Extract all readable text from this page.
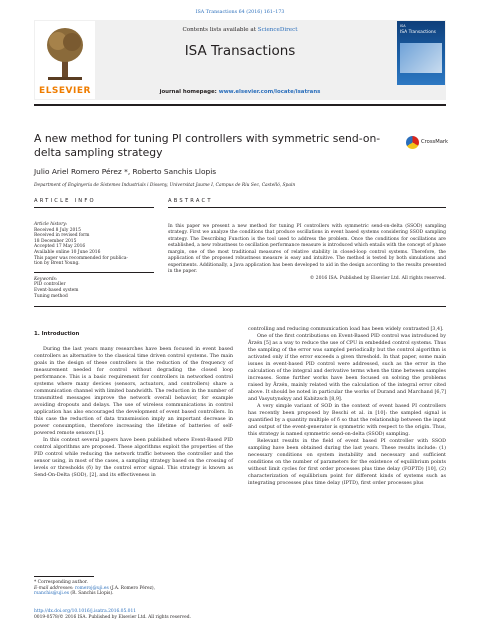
ISA Transactions 64 (2016) 161–173
ELSEVIER
Contents lists available at ScienceDirect
ISA Transactions
journal homepage: www.elsevier.com/locate/isatrans
ISA
ISA Transactions
A new method for tuning PI controllers with symmetric send-on-delta sampling strategy
CrossMark
Julio Ariel Romero Pérez *, Roberto Sanchis Llopis
Department of Enginyeria de Sistemes Industrials i Disseny, Universitat Jaume I, Campus de Riu Sec, Castelló, Spain
ARTICLE INFO	ABSTRACT
Article history:
Received 8 July 2015
Received in revised form
18 December 2015
Accepted 17 May 2016
Available online 10 June 2016
This paper was recommended for publica-
tion by Brent Young.
Keywords:
PID controller
Event-based system
Tuning method
In this paper we present a new method for tuning PI controllers with symmetric send-on-delta (SSOD) sampling strategy. First we analyze the conditions that produce oscillations in event based systems considering SSOD sampling strategy. The Describing Function is the tool used to address the problem. Once the conditions for oscillations are established, a new robustness to oscillation performance measure is introduced which entails with the concept of phase margin, one of the most traditional measures of relative stability in closed-loop control systems. Therefore, the application of the proposed robustness measure is easy and intuitive. The method is tested by both simulations and experiments. Additionally, a Java application has been developed to aid in the design according to the results presented in the paper.
© 2016 ISA. Published by Elsevier Ltd. All rights reserved.
1. Introduction

During the last years many researches have been focused in event based controllers as alternative to the classical time driven control systems. The main goals in the design of these controllers is the reduction of the frequency of measurement needed for control without degrading the closed loop performance. This is a basic requirement for controllers in networked control systems where many devices (sensors, actuators, and controllers) share a communication channel with limited bandwidth. The reduction in the number of transmitted messages improve the network overall behavior, for example avoiding dropouts and delays. The use of wireless communications in control application has also encouraged the development of event based controllers. In this case the reduction of data transmission imply an important decrease in power consumption, therefore increasing the lifetime of batteries of self-powered remote sensors [1].

In this context several papers have been published where Event-Based PID control algorithms are proposed. These algorithms exploit the properties of the PID control while reducing the network traffic between the controller and the sensor using, in most of the cases, a sampling strategy based on the crossing of levels or thresholds (δ) by the control error signal. This strategy is known as Send-On-Delta (SOD), [2], and its effectiveness in

controlling and reducing communication load has been widely contrasted [3,4].

One of the first contributions on Event-Based PID control was introduced by Årzén [5] as a way to reduce the use of CPU in embedded control systems. Thus the sampling of the error was sampled periodically but the control algorithm is activated only if the error exceeds a given threshold. In that paper, some main issues in event-based PID control were addressed, such as the error in the calculation of the integral and derivative terms when the time between samples increases. Some further works have been focused on solving the problems raised by Årzén, mainly related with the calculation of the integral error cited above. It should be noted in particular the works of Durand and Marchand [6,7] and Vasyutynskyy and Kabitzsch [8,9].

A very simple variant of SOD in the context of event based PI controllers has recently been proposed by Beschi et al. in [10]: the sampled signal is quantified by a quantity multiple of δ so that the relationship between the input and output of the event-generator is symmetric with respect to the origin. Thus, this strategy is named symmetric send-on-delta (SSOD) sampling.

Relevant results in the field of event based PI controller with SSOD sampling have been obtained during the last years. These results include: (1) necessary conditions on system instability and necessary and sufficient conditions on the number of parameters for the existence of equilibrium points without limit cycles for first order processes plus time delay (FOPTD) [10], (2) characterization of equilibrium point for different kinds of systems such as integrating processes plus time delay (IPTD), first order processes plus

* Corresponding author.
E-mail addresses: romeroj@uji.es (J.A. Romero Pérez),
rsanchis@uji.es (R. Sanchis Llopis).
http://dx.doi.org/10.1016/j.isatra.2016.05.011
0019-0578/© 2016 ISA. Published by Elsevier Ltd. All rights reserved.
